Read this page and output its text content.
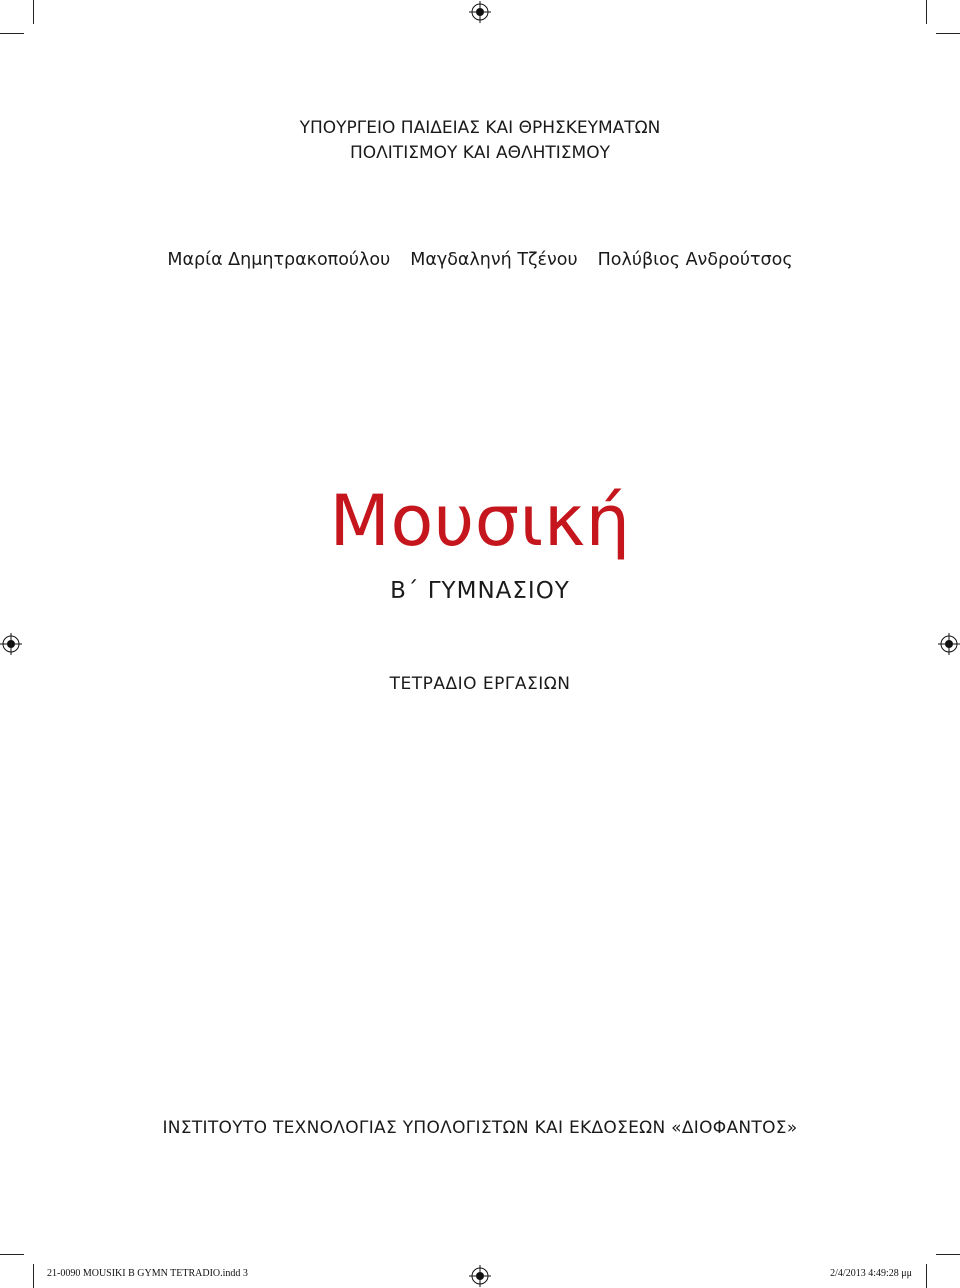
ΥΠΟΥΡΓΕΙΟ ΠΑΙΔΕΙΑΣ ΚΑΙ ΘΡΗΣΚΕΥΜΑΤΩΝ
ΠΟΛΙΤΙΣΜΟΥ ΚΑΙ ΑΘΛΗΤΙΣΜΟΥ
Μαρία Δημητρακοπούλου Μαγδαληνή Τζένου Πολύβιος Ανδρούτσος
Μουσική
Β΄ ΓΥΜΝΑΣΙΟΥ
ΤΕΤΡΑΔΙΟ ΕΡΓΑΣΙΩΝ
ΙΝΣΤΙΤΟΥΤΟ ΤΕΧΝΟΛΟΓΙΑΣ ΥΠΟΛΟΓΙΣΤΩΝ ΚΑΙ ΕΚΔΟΣΕΩΝ «ΔΙΟΦΑΝΤΟΣ»
21-0090 MOUSIKI B GYMN TETRADIO.indd 3	2/4/2013 4:49:28 μμ
